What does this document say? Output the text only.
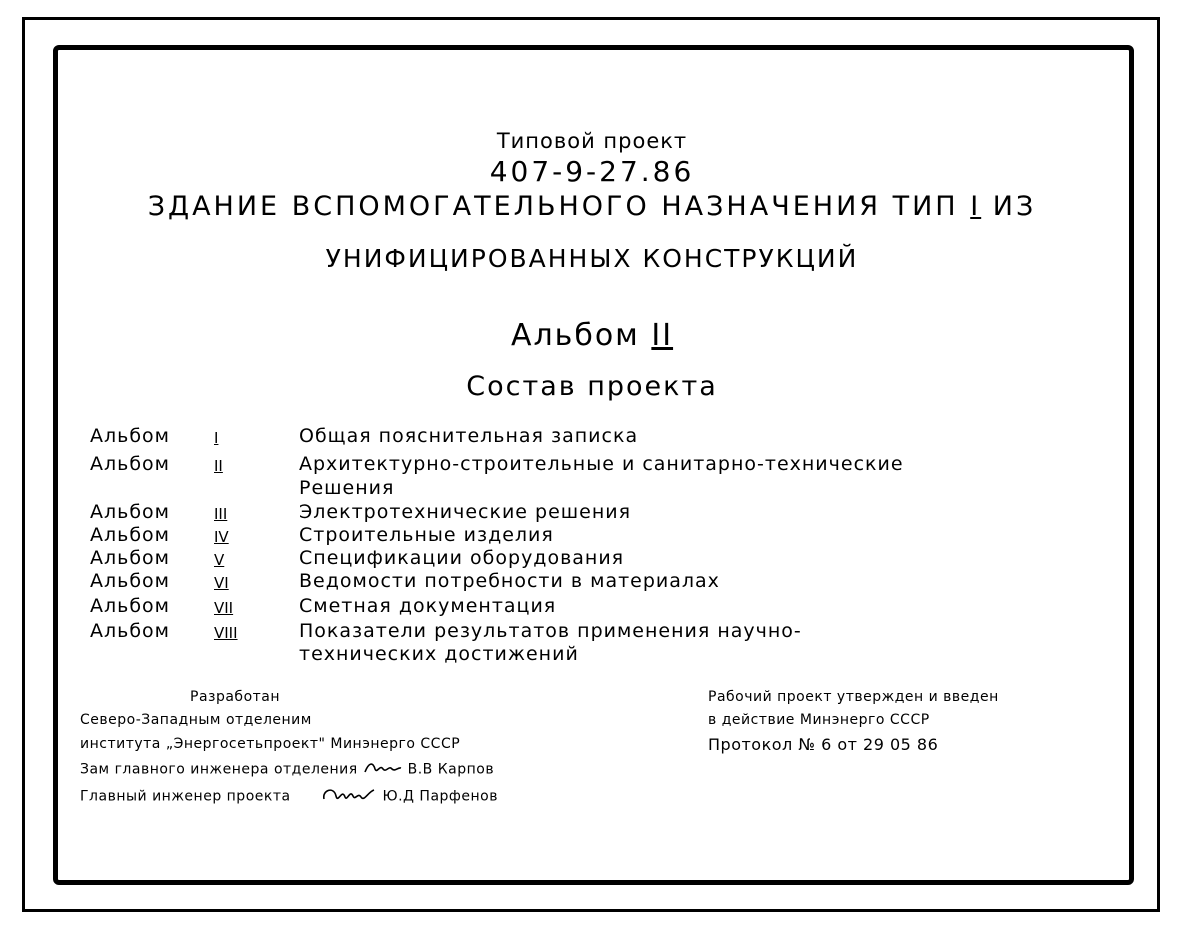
Типовой проект
407-9-27.86
ЗДАНИЕ ВСПОМОГАТЕЛЬНОГО НАЗНАЧЕНИЯ ТИП I ИЗ
УНИФИЦИРОВАННЫХ КОНСТРУКЦИЙ
Альбом II
Состав проекта
Альбом	I	Общая пояснительная записка
Альбом	II	Архитектурно-строительные и санитарно-технические
Решения
Альбом	III	Электротехнические решения
Альбом	IV	Строительные изделия
Альбом	V	Спецификации оборудования
Альбом	VI	Ведомости потребности в материалах
Альбом	VII	Сметная документация
Альбом	VIII	Показатели результатов применения научно-
технических достижений
Разработан
Северо-Западным отделеним
института „Энергосетьпроект" Минэнерго СССР
Зам главного инженера отделения	В.В Карпов
Главный инженер проекта	Ю.Д Парфенов
Рабочий проект утвержден и введен
в действие Минэнерго СССР
Протокол № 6 от 29 05 86
